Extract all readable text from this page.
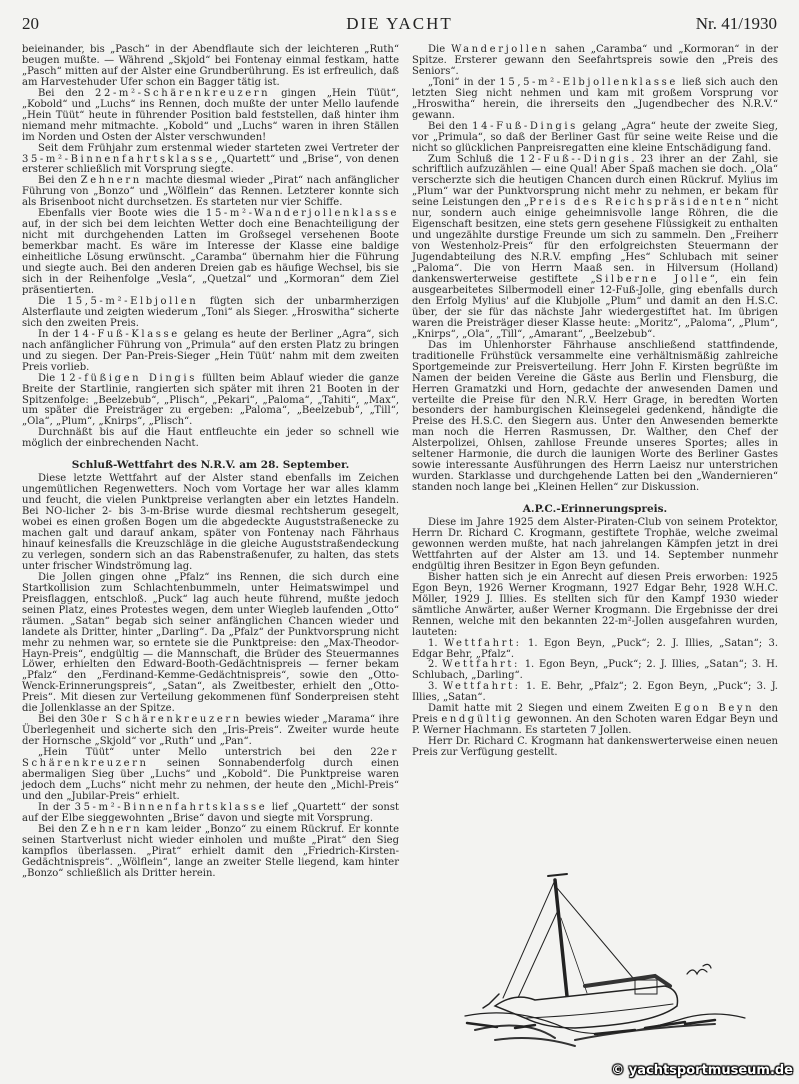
20	DIE YACHT	Nr. 41/1930

beieinander, bis „Pasch“ in der Abendflaute sich der leichteren „Ruth“ beugen mußte. — Während „Skjold“ bei Fontenay einmal festkam, hatte „Pasch“ mitten auf der Alster eine Grundberührung. Es ist erfreulich, daß am Harvestehuder Ufer schon ein Bagger tätig ist.

Bei den 22-m²-Schärenkreuzern gingen „Hein Tüüt“, „Kobold“ und „Luchs“ ins Rennen, doch mußte der unter Mello laufende „Hein Tüüt“ heute in führender Position bald feststellen, daß hinter ihm niemand mehr mitmachte. „Kobold“ und „Luchs“ waren in ihren Ställen im Norden und Osten der Alster verschwunden!

Seit dem Frühjahr zum erstenmal wieder starteten zwei Vertreter der 35-m²-Binnenfahrtsklasse, „Quartett“ und „Brise“, von denen ersterer schließlich mit Vorsprung siegte.

Bei den Zehnern machte diesmal wieder „Pirat“ nach anfänglicher Führung von „Bonzo“ und „Wölflein“ das Rennen. Letzterer konnte sich als Brisenboot nicht durchsetzen. Es starteten nur vier Schiffe.

Ebenfalls vier Boote wies die 15-m²-Wanderjollenklasse auf, in der sich bei dem leichten Wetter doch eine Benachteiligung der nicht mit durchgehenden Latten im Großsegel versehenen Boote bemerkbar macht. Es wäre im Interesse der Klasse eine baldige einheitliche Lösung erwünscht. „Caramba“ übernahm hier die Führung und siegte auch. Bei den anderen Dreien gab es häufige Wechsel, bis sie sich in der Reihenfolge „Vesla“, „Quetzal“ und „Kormoran“ dem Ziel präsentierten.

Die 15,5-m²-Elbjollen fügten sich der unbarmherzigen Alsterflaute und zeigten wiederum „Toni“ als Sieger. „Hroswitha“ sicherte sich den zweiten Preis.

In der 14-Fuß-Klasse gelang es heute der Berliner „Agra“, sich nach anfänglicher Führung von „Primula“ auf den ersten Platz zu bringen und zu siegen. Der Pan-Preis-Sieger „Hein Tüüt‘ nahm mit dem zweiten Preis vorlieb.

Die 12-füßigen Dingis füllten beim Ablauf wieder die ganze Breite der Startlinie, rangierten sich später mit ihren 21 Booten in der Spitzenfolge: „Beelzebub“, „Plisch“, „Pekari“, „Paloma“, „Tahiti“, „Max“, um später die Preisträger zu ergeben: „Paloma“, „Beelzebub“, „Till“, „Ola“, „Plum“, „Knirps“, „Plisch“.

Durchnäßt bis auf die Haut entfleuchte ein jeder so schnell wie möglich der einbrechenden Nacht.

Schluß-Wettfahrt des N.R.V. am 28. September.

Diese letzte Wettfahrt auf der Alster stand ebenfalls im Zeichen ungemütlichen Regenwetters. Noch vom Vortage her war alles klamm und feucht, die vielen Punktpreise verlangten aber ein letztes Handeln. Bei NO-licher 2- bis 3-m-Brise wurde diesmal rechtsherum gesegelt, wobei es einen großen Bogen um die abgedeckte Auguststraßenecke zu machen galt und darauf ankam, später von Fontenay nach Fährhaus hinauf keinesfalls die Kreuzschläge in die gleiche Auguststraßendeckung zu verlegen, sondern sich an das Rabenstraßenufer, zu halten, das stets unter frischer Windströmung lag.

Die Jollen gingen ohne „Pfalz“ ins Rennen, die sich durch eine Startkollision zum Schlachtenbummeln, unter Heimatswimpel und Preisflaggen, entschloß. „Puck“ lag auch heute führend, mußte jedoch seinen Platz, eines Protestes wegen, dem unter Wiegleb laufenden „Otto“ räumen. „Satan“ begab sich seiner anfänglichen Chancen wieder und landete als Dritter, hinter „Darling“. Da „Pfalz“ der Punktvorsprung nicht mehr zu nehmen war, so erntete sie die Punktpreise: den „Max-Theodor-Hayn-Preis“, endgültig — die Mannschaft, die Brüder des Steuermannes Löwer, erhielten den Edward-Booth-Gedächtnispreis — ferner bekam „Pfalz“ den „Ferdinand-Kemme-Gedächtnispreis“, sowie den „Otto-Wenck-Erinnerungspreis“, „Satan“, als Zweitbester, erhielt den „Otto-Preis“. Mit diesen zur Verteilung gekommenen fünf Sonderpreisen steht die Jollenklasse an der Spitze.

Bei den 30er Schärenkreuzern bewies wieder „Marama“ ihre Überlegenheit und sicherte sich den „Iris-Preis“. Zweiter wurde heute der Hornsche „Skjold“ vor „Ruth“ und „Pan“.

„Hein Tüüt“ unter Mello unterstrich bei den 22er Schärenkreuzern seinen Sonnabenderfolg durch einen abermaligen Sieg über „Luchs“ und „Kobold“. Die Punktpreise waren jedoch dem „Luchs“ nicht mehr zu nehmen, der heute den „Michl-Preis“ und den „Jubilar-Preis“ erhielt.

In der 35-m²-Binnenfahrtsklasse lief „Quartett“ der sonst auf der Elbe sieggewohnten „Brise“ davon und siegte mit Vorsprung.

Bei den Zehnern kam leider „Bonzo“ zu einem Rückruf. Er konnte seinen Startverlust nicht wieder einholen und mußte „Pirat“ den Sieg kampflos überlassen. „Pirat“ erhielt damit den „Friedrich-Kirsten-Gedächtnispreis“. „Wölflein“, lange an zweiter Stelle liegend, kam hinter „Bonzo“ schließlich als Dritter herein.

Die Wanderjollen sahen „Caramba“ und „Kormoran“ in der Spitze. Ersterer gewann den Seefahrtspreis sowie den „Preis des Seniors“.

„Toni“ in der 15,5-m²-Elbjollenklasse ließ sich auch den letzten Sieg nicht nehmen und kam mit großem Vorsprung vor „Hroswitha“ herein, die ihrerseits den „Jugendbecher des N.R.V.“ gewann.

Bei den 14-Fuß-Dingis gelang „Agra“ heute der zweite Sieg, vor „Primula“, so daß der Berliner Gast für seine weite Reise und die nicht so glücklichen Panpreisregatten eine kleine Entschädigung fand.

Zum Schluß die 12-Fuß--Dingis. 23 ihrer an der Zahl, sie schriftlich aufzuzählen — eine Qual! Aber Spaß machen sie doch. „Ola“ verscherzte sich die heutigen Chancen durch einen Rückruf. Mylius im „Plum“ war der Punktvorsprung nicht mehr zu nehmen, er bekam für seine Leistungen den „Preis des Reichspräsidenten“ nicht nur, sondern auch einige geheimnisvolle lange Röhren, die die Eigenschaft besitzen, eine stets gern gesehene Flüssigkeit zu enthalten und ungezählte durstige Freunde um sich zu sammeln. Den „Freiherr von Westenholz-Preis“ für den erfolgreichsten Steuermann der Jugendabteilung des N.R.V. empfing „Hes“ Schlubach mit seiner „Paloma“. Die von Herrn Maaß sen. in Hilversum (Holland) dankenswerterweise gestiftete „Silberne Jolle“, ein fein ausgearbeitetes Silbermodell einer 12-Fuß-Jolle, ging ebenfalls durch den Erfolg Mylius' auf die Klubjolle „Plum“ und damit an den H.S.C. über, der sie für das nächste Jahr wiedergestiftet hat. Im übrigen waren die Preisträger dieser Klasse heute: „Moritz“, „Paloma“, „Plum“, „Knirps“, „Ola“, „Till“, „Amarant“, „Beelzebub“.

Das im Uhlenhorster Fährhause anschließend stattfindende, traditionelle Frühstück versammelte eine verhältnismäßig zahlreiche Sportgemeinde zur Preisverteilung. Herr John F. Kirsten begrüßte im Namen der beiden Vereine die Gäste aus Berlin und Flensburg, die Herren Gramatzki und Horn, gedachte der anwesenden Damen und verteilte die Preise für den N.R.V. Herr Grage, in beredten Worten besonders der hamburgischen Kleinsegelei gedenkend, händigte die Preise des H.S.C. den Siegern aus. Unter den Anwesenden bemerkte man noch die Herren Rasmussen, Dr. Walther, den Chef der Alsterpolizei, Ohlsen, zahllose Freunde unseres Sportes; alles in seltener Harmonie, die durch die launigen Worte des Berliner Gastes sowie interessante Ausführungen des Herrn Laeisz nur unterstrichen wurden. Starklasse und durchgehende Latten bei den „Wandernieren“ standen noch lange bei „Kleinen Hellen“ zur Diskussion.

A.P.C.-Erinnerungspreis.

Diese im Jahre 1925 dem Alster-Piraten-Club von seinem Protektor, Herrn Dr. Richard C. Krogmann, gestiftete Trophäe, welche zweimal gewonnen werden mußte, hat nach jahrelangen Kämpfen jetzt in drei Wettfahrten auf der Alster am 13. und 14. September nunmehr endgültig ihren Besitzer in Egon Beyn gefunden.

Bisher hatten sich je ein Anrecht auf diesen Preis erworben: 1925 Egon Beyn, 1926 Werner Krogmann, 1927 Edgar Behr, 1928 W.H.C. Möller, 1929 J. Illies. Es stellten sich für den Kampf 1930 wieder sämtliche Anwärter, außer Werner Krogmann. Die Ergebnisse der drei Rennen, welche mit den bekannten 22-m²-Jollen ausgefahren wurden, lauteten:

1. Wettfahrt: 1. Egon Beyn, „Puck“; 2. J. Illies, „Satan“; 3. Edgar Behr, „Pfalz“.

2. Wettfahrt: 1. Egon Beyn, „Puck“; 2. J. Illies, „Satan“; 3. H. Schlubach, „Darling“.

3. Wettfahrt: 1. E. Behr, „Pfalz“; 2. Egon Beyn, „Puck“; 3. J. Illies, „Satan“.

Damit hatte mit 2 Siegen und einem Zweiten Egon Beyn den Preis endgültig gewonnen. An den Schoten waren Edgar Beyn und P. Werner Hachmann. Es starteten 7 Jollen.

Herr Dr. Richard C. Krogmann hat dankenswerterweise einen neuen Preis zur Verfügung gestellt.

© yachtsportmuseum.de
